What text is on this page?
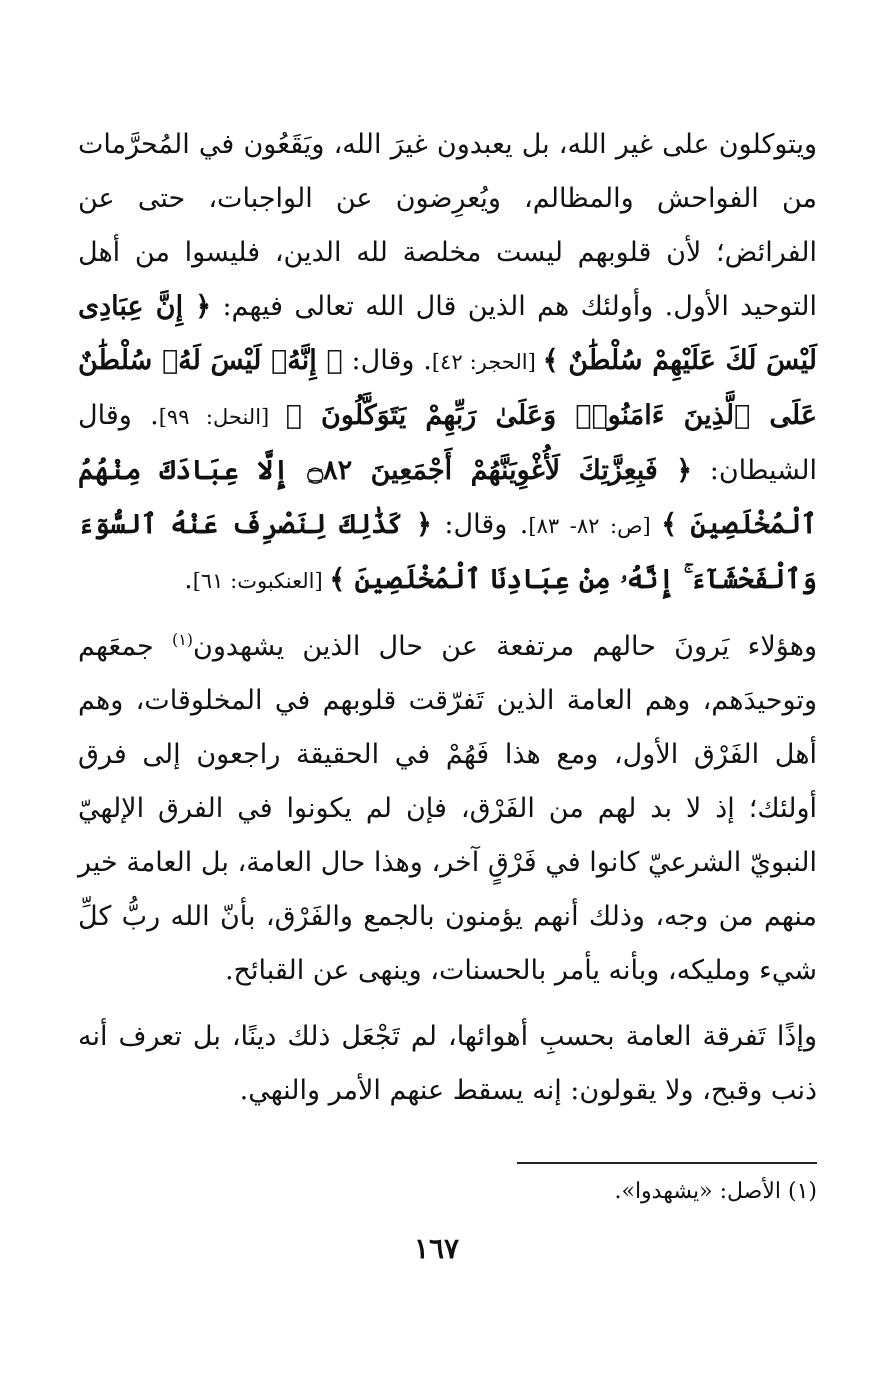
ويتوكلون على غير الله، بل يعبدون غيرَ الله، ويَقَعُون في المُحرَّمات من الفواحش والمظالم، ويُعرِضون عن الواجبات، حتى عن الفرائض؛ لأن قلوبهم ليست مخلصة لله الدين، فليسوا من أهل التوحيد الأول. وأولئك هم الذين قال الله تعالى فيهم: ﴿ إِنَّ عِبَادِى لَيْسَ لَكَ عَلَيْهِمْ سُلْطَٰنٌ ﴾ [الحجر: ٤٢]. وقال: ﴿ إِنَّهُۥ لَيْسَ لَهُۥ سُلْطَٰنٌ عَلَى ٱلَّذِينَ ءَامَنُوا۟ وَعَلَىٰ رَبِّهِمْ يَتَوَكَّلُونَ ﴾ [النحل: ٩٩]. وقال الشيطان: ﴿ فَبِعِزَّتِكَ لَأُغْوِيَنَّهُمْ أَجْمَعِينَ ۝٨٢ إِلَّا عِبَادَكَ مِنْهُمُ ٱلْمُخْلَصِينَ ﴾ [ص: ٨٢- ٨٣]. وقال: ﴿ كَذَٰلِكَ لِنَصْرِفَ عَنْهُ ٱلسُّوٓءَ وَٱلْفَحْشَآءَ ۚ إِنَّهُۥ مِنْ عِبَادِنَا ٱلْمُخْلَصِينَ ﴾ [العنكبوت: ٦١].

وهؤلاء يَرونَ حالهم مرتفعة عن حال الذين يشهدون$^{(١)}$ جمعَهم وتوحيدَهم، وهم العامة الذين تَفرّقت قلوبهم في المخلوقات، وهم أهل الفَرْق الأول، ومع هذا فَهُمْ في الحقيقة راجعون إلى فرق أولئك؛ إذ لا بد لهم من الفَرْق، فإن لم يكونوا في الفرق الإلهيّ النبويّ الشرعيّ كانوا في فَرْقٍ آخر، وهذا حال العامة، بل العامة خير منهم من وجه، وذلك أنهم يؤمنون بالجمع والفَرْق، بأنّ الله ربُّ كلِّ شيء ومليكه، وبأنه يأمر بالحسنات، وينهى عن القبائح.

وإذًا تَفرقة العامة بحسبِ أهوائها، لم تَجْعَل ذلك دينًا، بل تعرف أنه ذنب وقبح، ولا يقولون: إنه يسقط عنهم الأمر والنهي.

(١) الأصل: «يشهدوا».
١٦٧
